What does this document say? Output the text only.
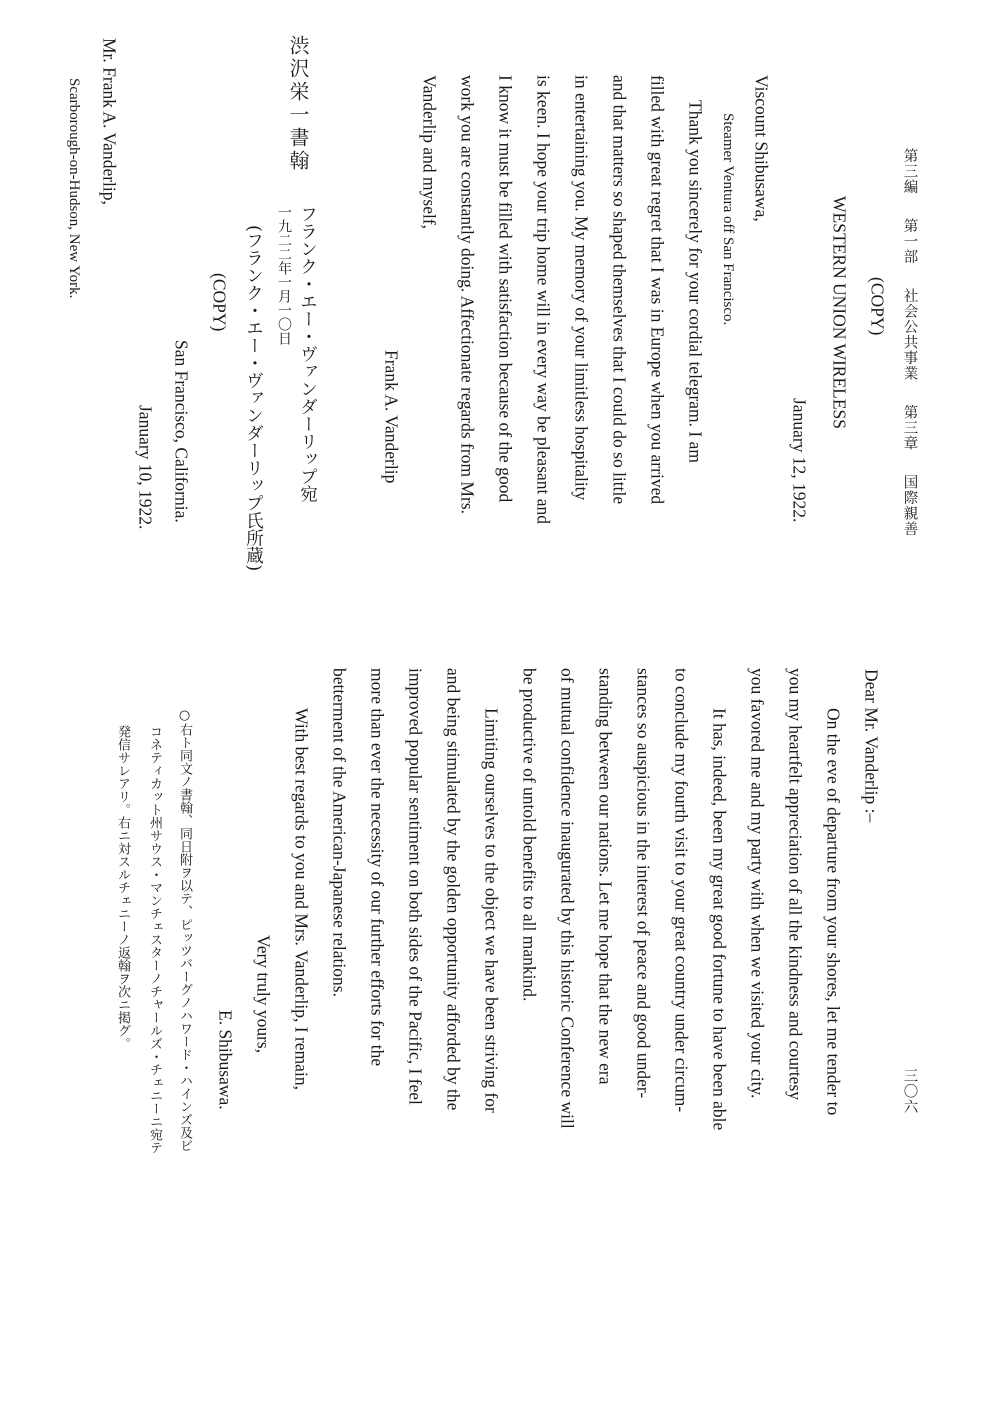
第三編 第一部 社会公共事業 第三章 国際親善
三〇六
(COPY)
WESTERN UNION WIRELESS
January 12, 1922.
Viscount Shibusawa,
Steamer Ventura off San Francisco.
Thank you sincerely for your cordial telegram. I am
filled with great regret that I was in Europe when you arrived
and that matters so shaped themselves that I could do so little
in entertaining you. My memory of your limitless hospitality
is keen. I hope your trip home will in every way be pleasant and
I know it must be filled with satisfaction because of the good
work you are constantly doing. Affectionate regards from Mrs.
Vanderlip and myself,
Frank A. Vanderlip
渋沢栄一書翰
フランク・エー・ヴァンダーリップ宛
一九二二年一月一〇日
(フランク・エー・ヴァンダーリップ氏所蔵)
(COPY)
San Francisco, California.
January 10, 1922.
Mr. Frank A. Vanderlip,
Scarborough-on-Hudson, New York.
Dear Mr. Vanderlip :–
On the eve of departure from your shores, let me tender to
you my heartfelt appreciation of all the kindness and courtesy
you favored me and my party with when we visited your city.
It has, indeed, been my great good fortune to have been able
to conclude my fourth visit to your great country under circum-
stances so auspicious in the interest of peace and good under-
standing between our nations. Let me hope that the new era
of mutual confidence inaugurated by this historic Conference will
be productive of untold benefits to all mankind.
Limiting ourselves to the object we have been striving for
and being stimulated by the golden opportunity afforded by the
improved popular sentiment on both sides of the Pacific, I feel
more than ever the necessity of our further efforts for the
betterment of the American-Japanese relations.
With best regards to you and Mrs. Vanderlip, I remain,
Very truly yours,
E. Shibusawa.
○右ト同文ノ書翰、同日附ヲ以テ、ピッツバーグノハワード・ハインズ及ビ
コネティカット州サウス・マンチェスターノチャールズ・チェニーニ宛テ
発信サレアリ。右ニ対スルチェニーノ返翰ヲ次ニ掲グ。
